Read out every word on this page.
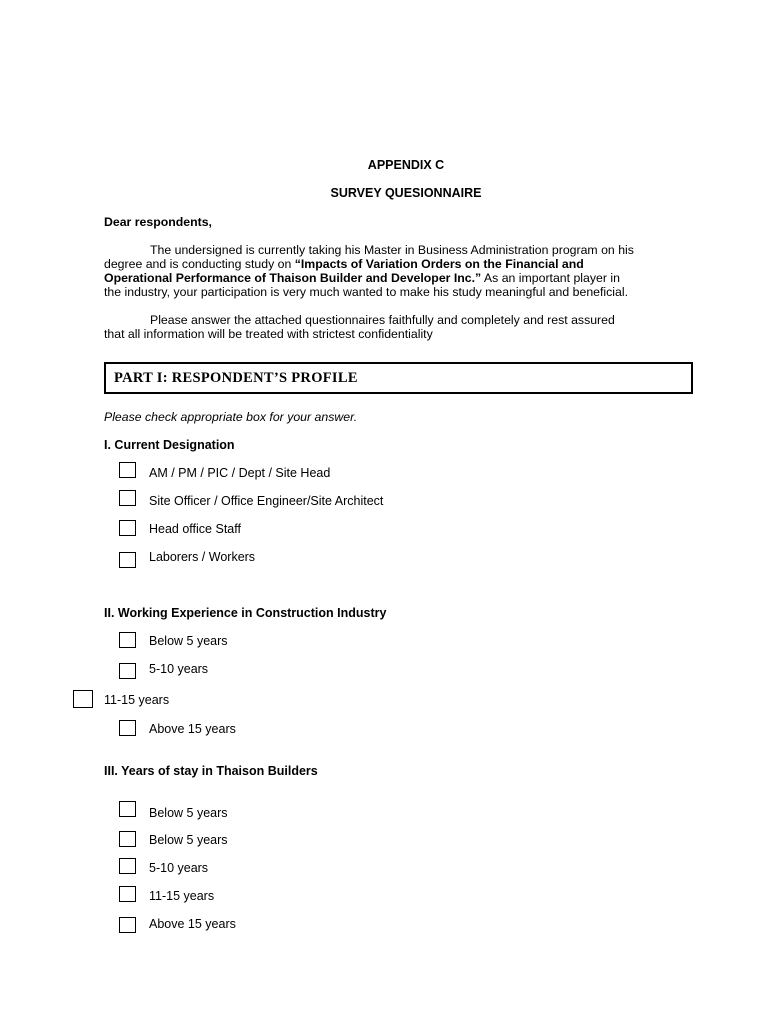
APPENDIX C
SURVEY QUESIONNAIRE
Dear respondents,
The undersigned is currently taking his Master in Business Administration program on his
degree and is conducting study on “Impacts of Variation Orders on the Financial and
Operational Performance of Thaison Builder and Developer Inc.” As an important player in
the industry, your participation is very much wanted to make his study meaningful and beneficial.
Please answer the attached questionnaires faithfully and completely and rest assured
that all information will be treated with strictest confidentiality
PART I: RESPONDENT’S PROFILE
Please check appropriate box for your answer.
I. Current Designation
AM / PM / PIC / Dept / Site Head
Site Officer / Office Engineer/Site Architect
Head office Staff
Laborers / Workers
II. Working Experience in Construction Industry
Below 5 years
5-10 years
11-15 years
Above 15 years
III. Years of stay in Thaison Builders
Below 5 years
Below 5 years
5-10 years
11-15 years
Above 15 years
